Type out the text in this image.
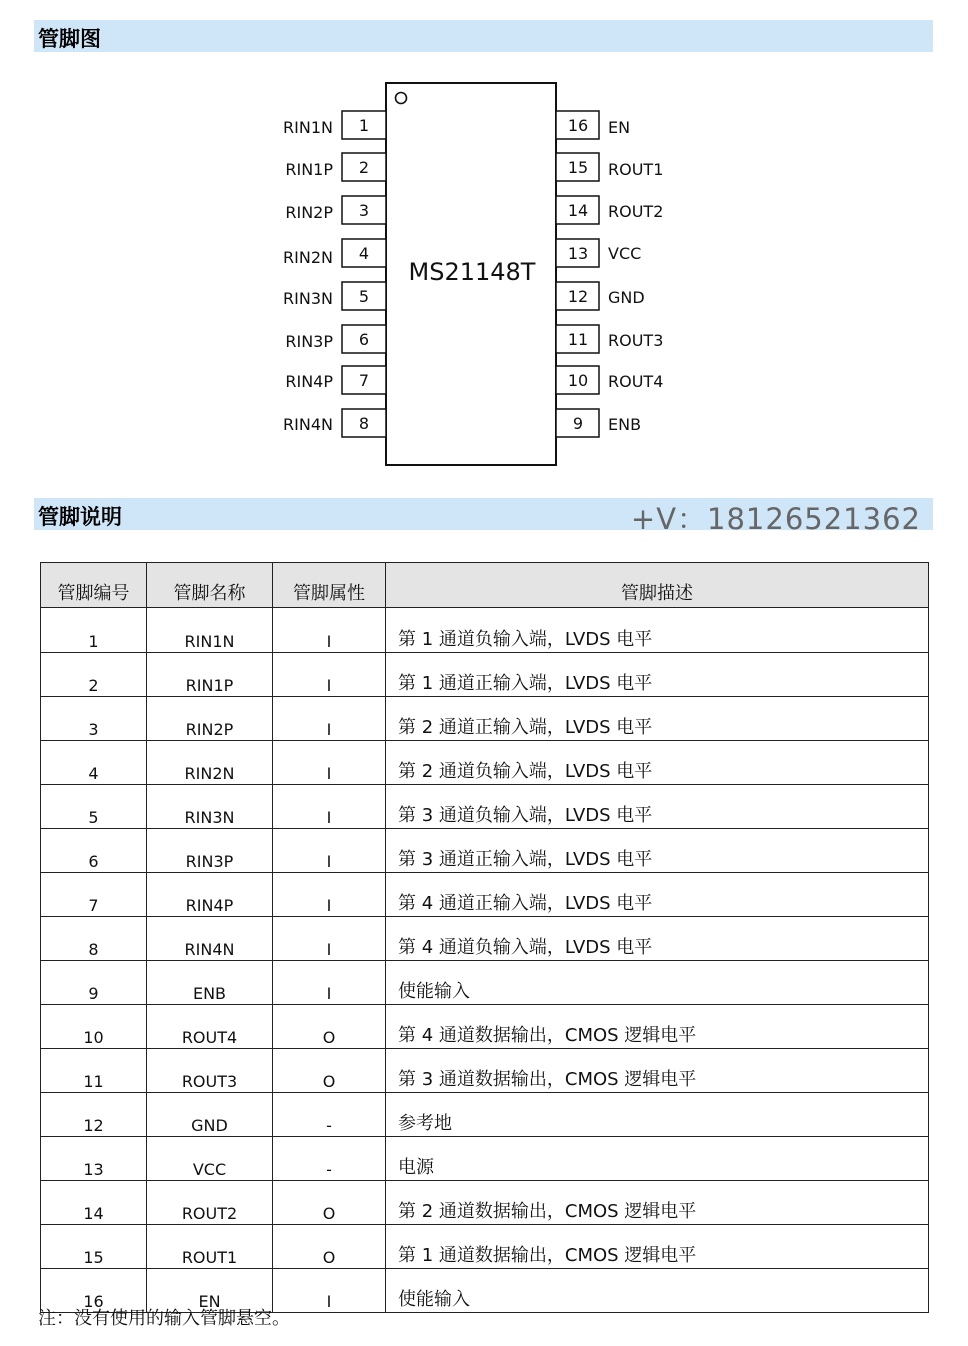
管脚图
MS21148T
1
RIN1N
2
RIN1P
3
RIN2P
4
RIN2N
5
RIN3N
6
RIN3P
7
RIN4P
8
RIN4N
16 EN
15 ROUT1
14 ROUT2
13 VCC
12 GND
11 ROUT3
10 ROUT4
9 ENB
管脚说明	+V：18126521362
管脚编号	管脚名称	管脚属性	管脚描述
1	RIN1N	I	第 1 通道负输入端，LVDS 电平
2	RIN1P	I	第 1 通道正输入端，LVDS 电平
3	RIN2P	I	第 2 通道正输入端，LVDS 电平
4	RIN2N	I	第 2 通道负输入端，LVDS 电平
5	RIN3N	I	第 3 通道负输入端，LVDS 电平
6	RIN3P	I	第 3 通道正输入端，LVDS 电平
7	RIN4P	I	第 4 通道正输入端，LVDS 电平
8	RIN4N	I	第 4 通道负输入端，LVDS 电平
9	ENB	I	使能输入
10	ROUT4	O	第 4 通道数据输出，CMOS 逻辑电平
11	ROUT3	O	第 3 通道数据输出，CMOS 逻辑电平
12	GND	-	参考地
13	VCC	-	电源
14	ROUT2	O	第 2 通道数据输出，CMOS 逻辑电平
15	ROUT1	O	第 1 通道数据输出，CMOS 逻辑电平
16	EN	I	使能输入
注：没有使用的输入管脚悬空。
